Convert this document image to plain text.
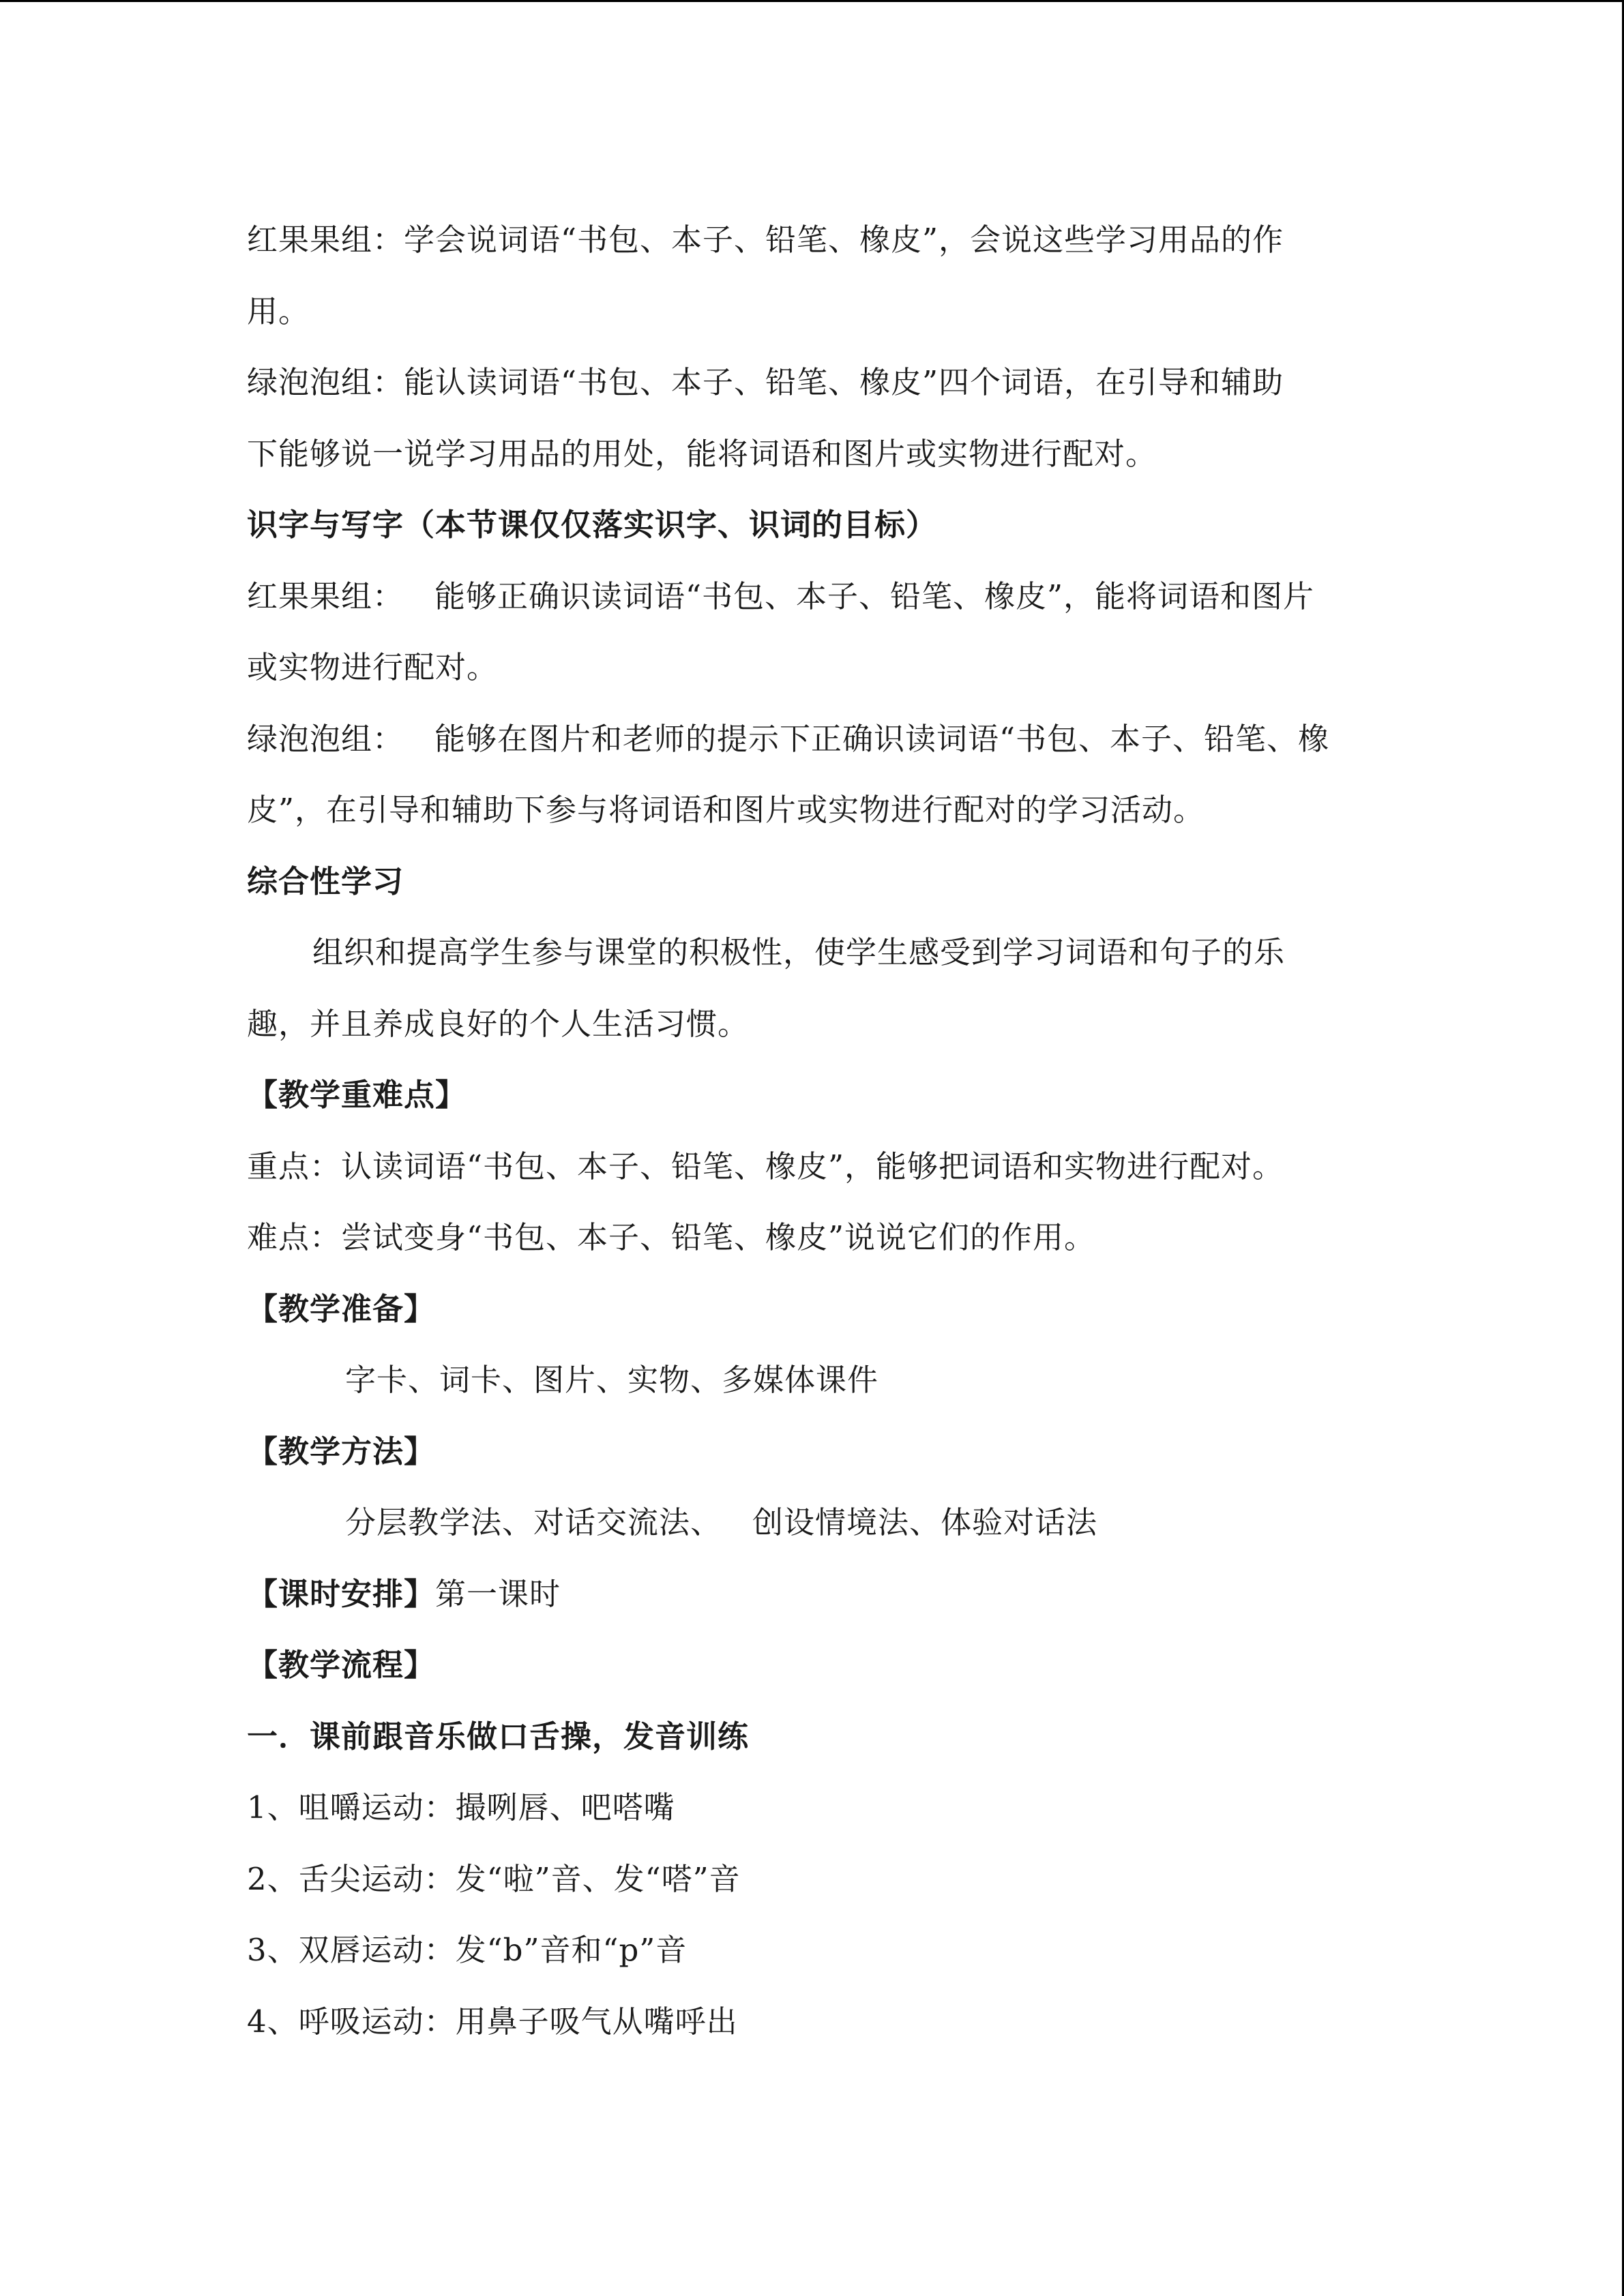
红果果组：学会说词语“书包、本子、铅笔、橡皮”，会说这些学习用品的作
用。
绿泡泡组：能认读词语“书包、本子、铅笔、橡皮”四个词语，在引导和辅助
下能够说一说学习用品的用处，能将词语和图片或实物进行配对。
识字与写字（本节课仅仅落实识字、识词的目标）
红果果组： 能够正确识读词语“书包、本子、铅笔、橡皮”，能将词语和图片
或实物进行配对。
绿泡泡组： 能够在图片和老师的提示下正确识读词语“书包、本子、铅笔、橡
皮”，在引导和辅助下参与将词语和图片或实物进行配对的学习活动。
综合性学习
组织和提高学生参与课堂的积极性，使学生感受到学习词语和句子的乐
趣，并且养成良好的个人生活习惯。
【教学重难点】
重点：认读词语“书包、本子、铅笔、橡皮”，能够把词语和实物进行配对。
难点：尝试变身“书包、本子、铅笔、橡皮”说说它们的作用。
【教学准备】
字卡、词卡、图片、实物、多媒体课件
【教学方法】
分层教学法、对话交流法、 创设情境法、体验对话法
【课时安排】第一课时
【教学流程】
一．课前跟音乐做口舌操，发音训练
1、咀嚼运动：撮咧唇、吧嗒嘴
2、舌尖运动：发“啦”音、发“嗒”音
3、双唇运动：发“b”音和“p”音
4、呼吸运动：用鼻子吸气从嘴呼出
